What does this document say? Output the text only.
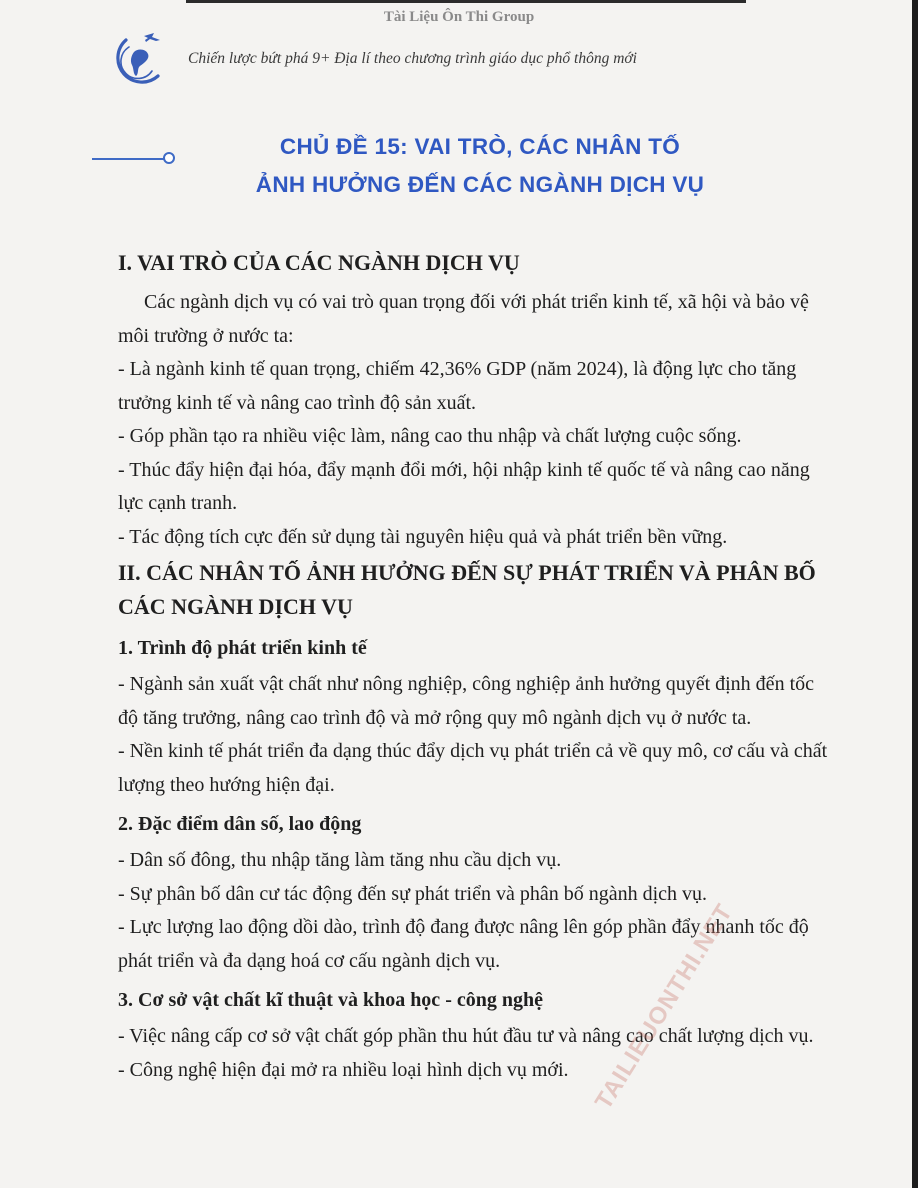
Tài Liệu Ôn Thi Group
Chiến lược bứt phá 9+ Địa lí theo chương trình giáo dục phổ thông mới
CHỦ ĐỀ 15: VAI TRÒ, CÁC NHÂN TỐ
ẢNH HƯỞNG ĐẾN CÁC NGÀNH DỊCH VỤ
I. VAI TRÒ CỦA CÁC NGÀNH DỊCH VỤ

Các ngành dịch vụ có vai trò quan trọng đối với phát triển kinh tế, xã hội và bảo vệ môi trường ở nước ta:

- Là ngành kinh tế quan trọng, chiếm 42,36% GDP (năm 2024), là động lực cho tăng trưởng kinh tế và nâng cao trình độ sản xuất.

- Góp phần tạo ra nhiều việc làm, nâng cao thu nhập và chất lượng cuộc sống.

- Thúc đẩy hiện đại hóa, đẩy mạnh đổi mới, hội nhập kinh tế quốc tế và nâng cao năng lực cạnh tranh.

- Tác động tích cực đến sử dụng tài nguyên hiệu quả và phát triển bền vững.

II. CÁC NHÂN TỐ ẢNH HƯỞNG ĐẾN SỰ PHÁT TRIỂN VÀ PHÂN BỐ CÁC NGÀNH DỊCH VỤ
1. Trình độ phát triển kinh tế

- Ngành sản xuất vật chất như nông nghiệp, công nghiệp ảnh hưởng quyết định đến tốc độ tăng trưởng, nâng cao trình độ và mở rộng quy mô ngành dịch vụ ở nước ta.

- Nền kinh tế phát triển đa dạng thúc đẩy dịch vụ phát triển cả về quy mô, cơ cấu và chất lượng theo hướng hiện đại.

2. Đặc điểm dân số, lao động

- Dân số đông, thu nhập tăng làm tăng nhu cầu dịch vụ.

- Sự phân bố dân cư tác động đến sự phát triển và phân bố ngành dịch vụ.

- Lực lượng lao động dồi dào, trình độ đang được nâng lên góp phần đẩy nhanh tốc độ phát triển và đa dạng hoá cơ cấu ngành dịch vụ.

3. Cơ sở vật chất kĩ thuật và khoa học - công nghệ

- Việc nâng cấp cơ sở vật chất góp phần thu hút đầu tư và nâng cao chất lượng dịch vụ.

- Công nghệ hiện đại mở ra nhiều loại hình dịch vụ mới. TAILIEUONTHI.NET
